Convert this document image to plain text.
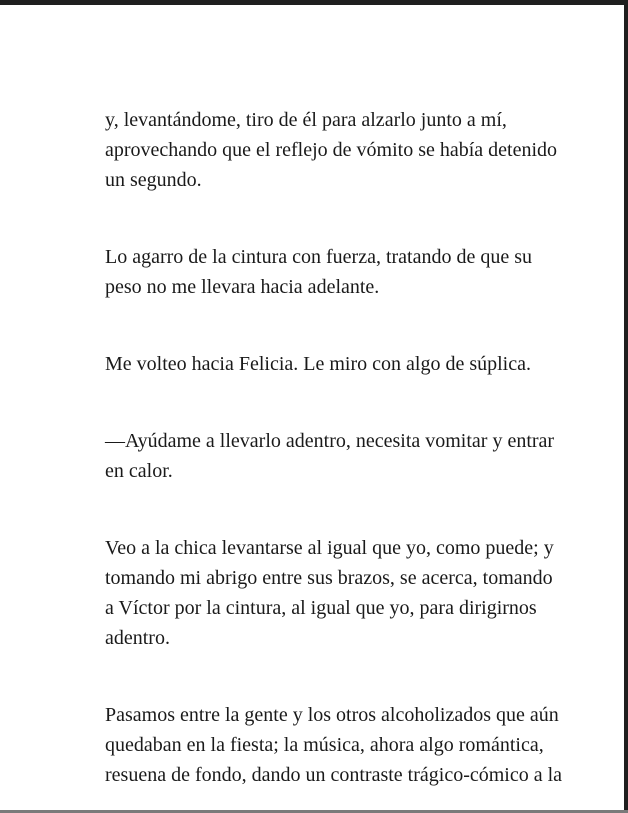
y, levantándome, tiro de él para alzarlo junto a mí,
aprovechando que el reflejo de vómito se había detenido
un segundo.

Lo agarro de la cintura con fuerza, tratando de que su
peso no me llevara hacia adelante.

Me volteo hacia Felicia. Le miro con algo de súplica.

—Ayúdame a llevarlo adentro, necesita vomitar y entrar
en calor.

Veo a la chica levantarse al igual que yo, como puede; y
tomando mi abrigo entre sus brazos, se acerca, tomando
a Víctor por la cintura, al igual que yo, para dirigirnos
adentro.

Pasamos entre la gente y los otros alcoholizados que aún
quedaban en la fiesta; la música, ahora algo romántica,
resuena de fondo, dando un contraste trágico-cómico a la
